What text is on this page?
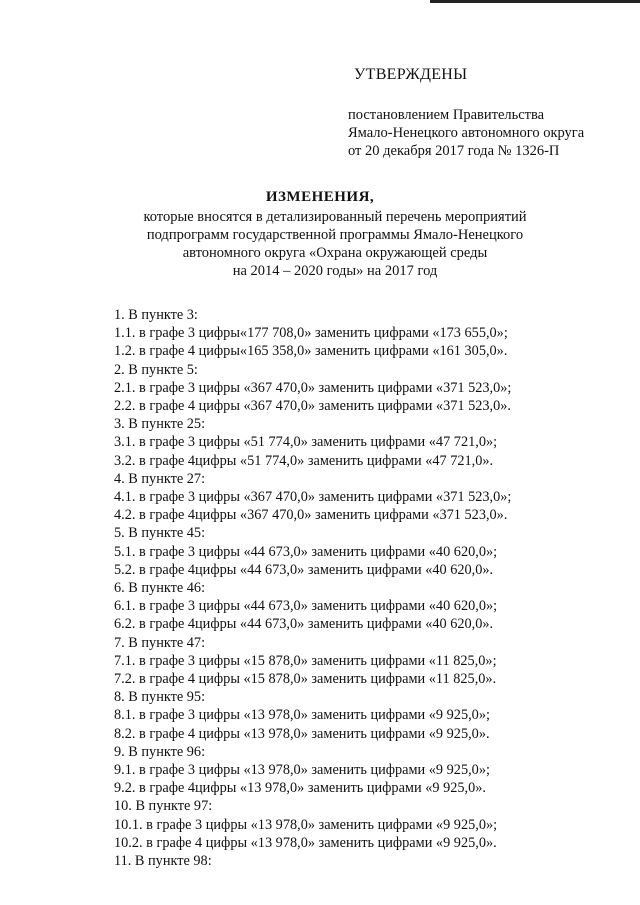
УТВЕРЖДЕНЫ
постановлением Правительства
Ямало-Ненецкого автономного округа
от 20 декабря 2017 года № 1326-П
ИЗМЕНЕНИЯ,
которые вносятся в детализированный перечень мероприятий
подпрограмм государственной программы Ямало-Ненецкого
автономного округа «Охрана окружающей среды
на 2014 – 2020 годы» на 2017 год
1. В пункте 3:
1.1. в графе 3 цифры«177 708,0» заменить цифрами «173 655,0»;
1.2. в графе 4 цифры«165 358,0» заменить цифрами «161 305,0».
2. В пункте 5:
2.1. в графе 3 цифры «367 470,0» заменить цифрами «371 523,0»;
2.2. в графе 4 цифры «367 470,0» заменить цифрами «371 523,0».
3. В пункте 25:
3.1. в графе 3 цифры «51 774,0» заменить цифрами «47 721,0»;
3.2. в графе 4цифры «51 774,0» заменить цифрами «47 721,0».
4. В пункте 27:
4.1. в графе 3 цифры «367 470,0» заменить цифрами «371 523,0»;
4.2. в графе 4цифры «367 470,0» заменить цифрами «371 523,0».
5. В пункте 45:
5.1. в графе 3 цифры «44 673,0» заменить цифрами «40 620,0»;
5.2. в графе 4цифры «44 673,0» заменить цифрами «40 620,0».
6. В пункте 46:
6.1. в графе 3 цифры «44 673,0» заменить цифрами «40 620,0»;
6.2. в графе 4цифры «44 673,0» заменить цифрами «40 620,0».
7. В пункте 47:
7.1. в графе 3 цифры «15 878,0» заменить цифрами «11 825,0»;
7.2. в графе 4 цифры «15 878,0» заменить цифрами «11 825,0».
8. В пункте 95:
8.1. в графе 3 цифры «13 978,0» заменить цифрами «9 925,0»;
8.2. в графе 4 цифры «13 978,0» заменить цифрами «9 925,0».
9. В пункте 96:
9.1. в графе 3 цифры «13 978,0» заменить цифрами «9 925,0»;
9.2. в графе 4цифры «13 978,0» заменить цифрами «9 925,0».
10. В пункте 97:
10.1. в графе 3 цифры «13 978,0» заменить цифрами «9 925,0»;
10.2. в графе 4 цифры «13 978,0» заменить цифрами «9 925,0».
11. В пункте 98:
